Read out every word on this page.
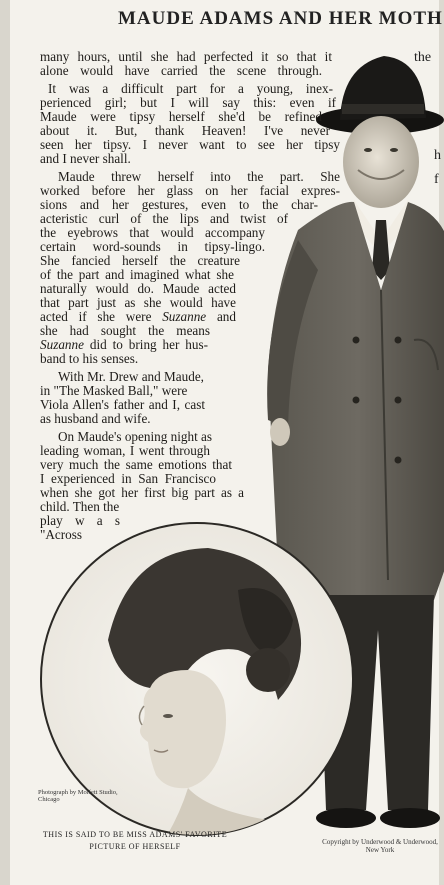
MAUDE ADAMS AND HER MOTH
Photograph by Moffett Studio, Chicago
THIS IS SAID TO BE MISS ADAMS' FAVORITE PICTURE OF HERSELF	Copyright by Underwood & Underwood, New York
the
h
f
many hours, until she had perfected it so that it
alone would have carried the scene through.
It was a difficult part for a young, inex-
perienced girl; but I will say this: even if
Maude were tipsy herself she'd be refined
about it. But, thank Heaven! I've never
seen her tipsy. I never want to see her tipsy
and I never shall.
Maude threw herself into the part. She
worked before her glass on her facial expres-
sions and her gestures, even to the char-
acteristic curl of the lips and twist of
the eyebrows that would accompany
certain word-sounds in tipsy-lingo.
She fancied herself the creature
of the part and imagined what she
naturally would do. Maude acted
that part just as she would have
acted if she were Suzanne and
she had sought the means
Suzanne did to bring her hus-
band to his senses.
With Mr. Drew and Maude,
in "The Masked Ball," were
Viola Allen's father and I, cast
as husband and wife.
On Maude's opening night as
leading woman, I went through
very much the same emotions that
I experienced in San Francisco
when she got her first big part as a
child. Then the
play w a s
"Across
